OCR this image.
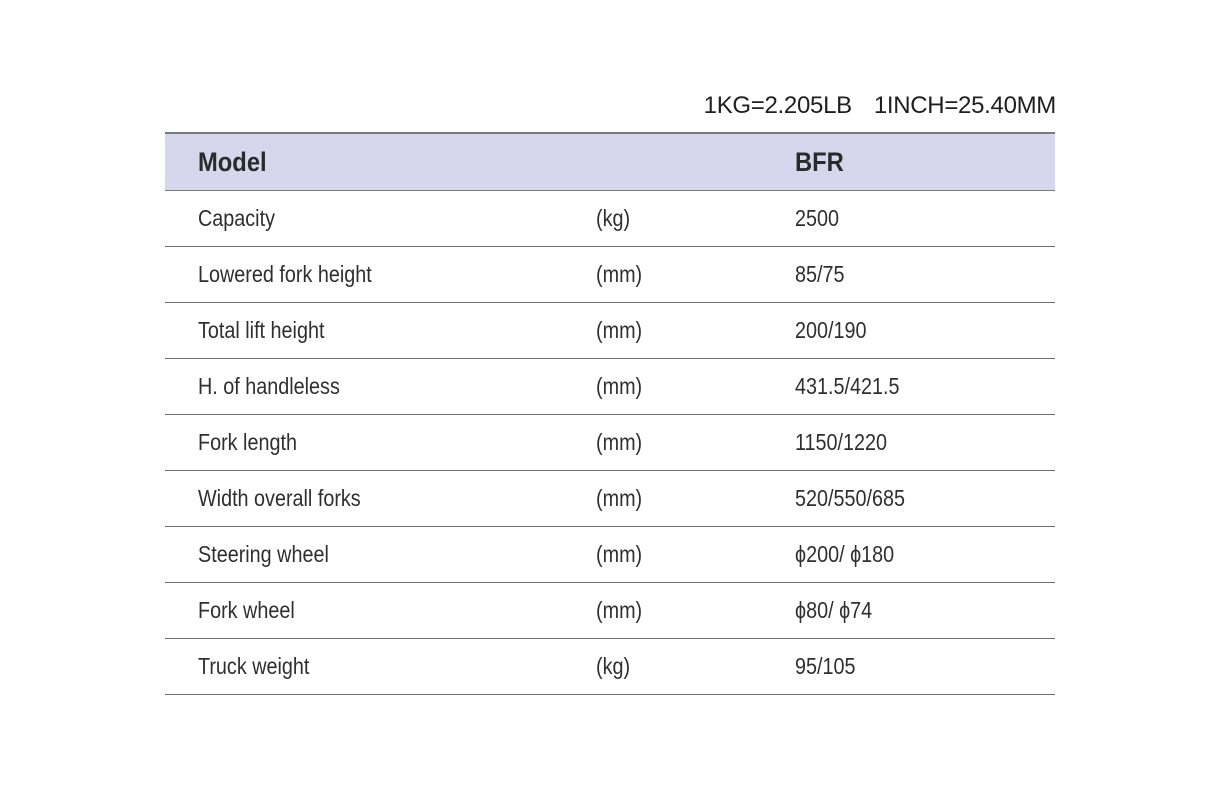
1KG=2.205LB 1INCH=25.40MM
Model		BFR
Capacity	(kg)	2500
Lowered fork height	(mm)	85/75
Total lift height	(mm)	200/190
H. of handleless	(mm)	431.5/421.5
Fork length	(mm)	1150/1220
Width overall forks	(mm)	520/550/685
Steering wheel	(mm)	ϕ200/ ϕ180
Fork wheel	(mm)	ϕ80/ ϕ74
Truck weight	(kg)	95/105
